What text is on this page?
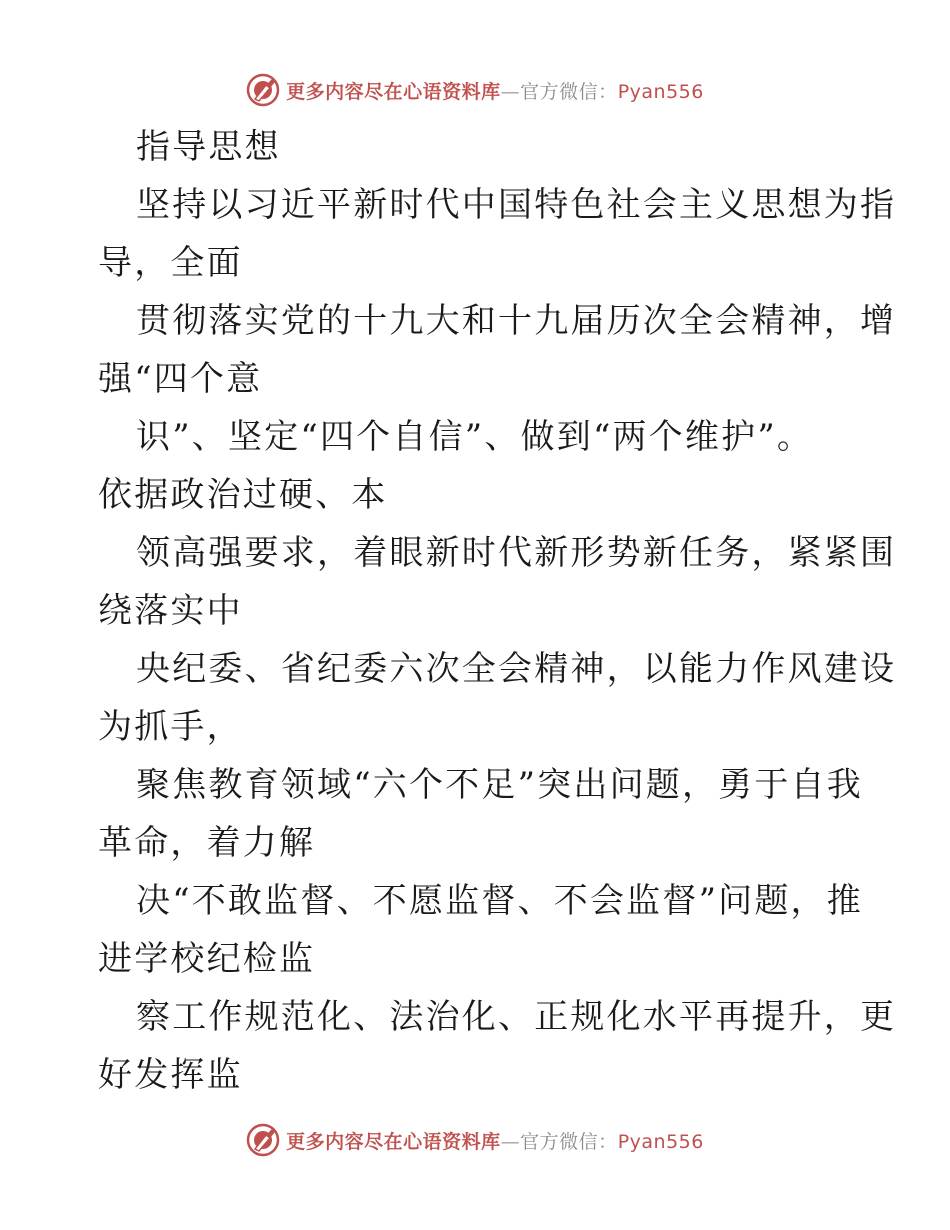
更多内容尽在心语资料库—官方微信：Pyan556
指导思想
坚持以习近平新时代中国特色社会主义思想为指
导，全面
贯彻落实党的十九大和十九届历次全会精神，增
强“四个意
识”、坚定“四个自信”、做到“两个维护”。
依据政治过硬、本
领高强要求，着眼新时代新形势新任务，紧紧围
绕落实中
央纪委、省纪委六次全会精神，以能力作风建设
为抓手，
聚焦教育领域“六个不足”突出问题，勇于自我
革命，着力解
决“不敢监督、不愿监督、不会监督”问题，推
进学校纪检监
察工作规范化、法治化、正规化水平再提升，更
好发挥监
更多内容尽在心语资料库—官方微信：Pyan556
